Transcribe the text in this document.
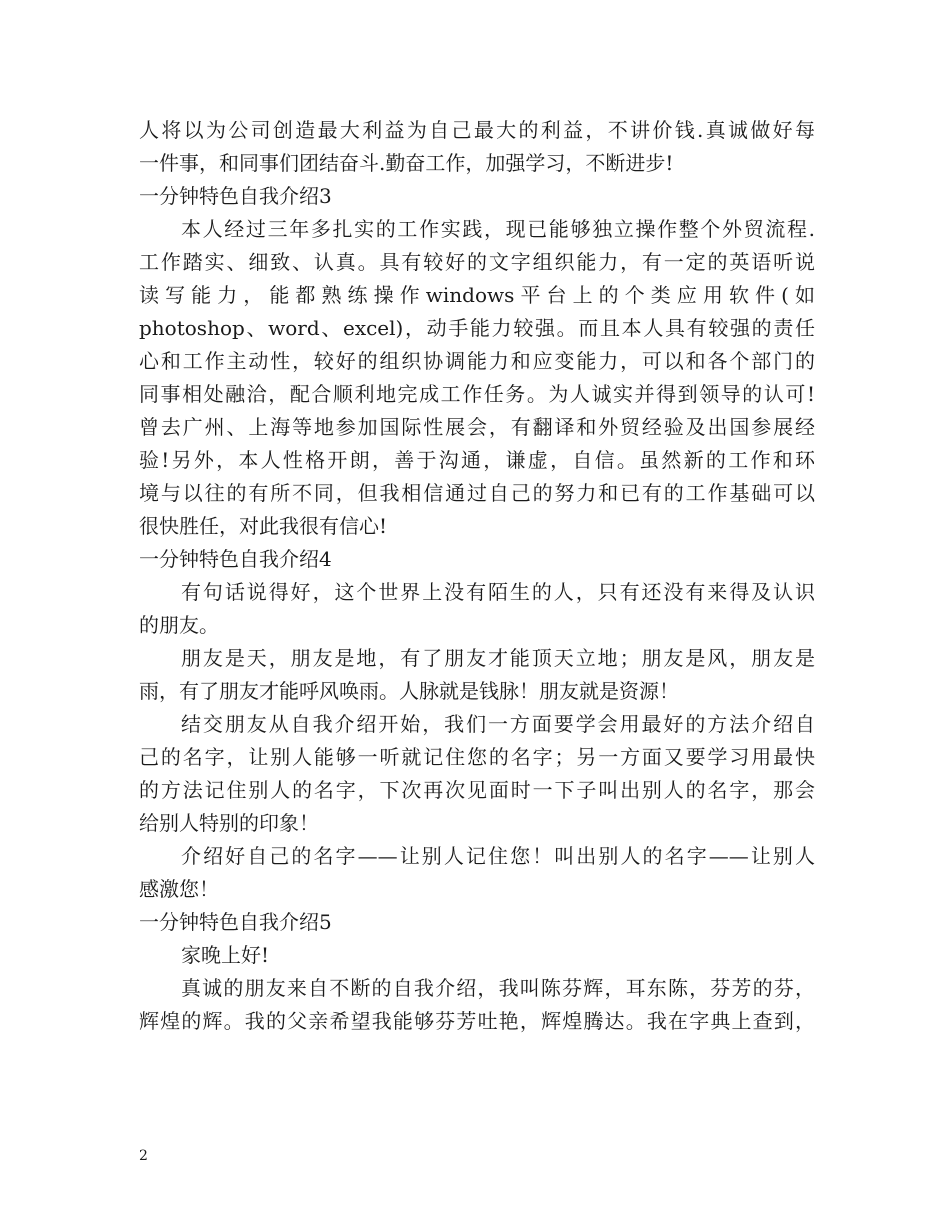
人将以为公司创造最大利益为自己最大的利益，不讲价钱.真诚做好每
一件事，和同事们团结奋斗.勤奋工作，加强学习，不断进步!
一分钟特色自我介绍3
本人经过三年多扎实的工作实践，现已能够独立操作整个外贸流程.
工作踏实、细致、认真。具有较好的文字组织能力，有一定的英语听说
读写能力，能都熟练操作windows平台上的个类应用软件(如
photoshop、word、excel)，动手能力较强。而且本人具有较强的责任
心和工作主动性，较好的组织协调能力和应变能力，可以和各个部门的
同事相处融洽，配合顺利地完成工作任务。为人诚实并得到领导的认可!
曾去广州、上海等地参加国际性展会，有翻译和外贸经验及出国参展经
验!另外，本人性格开朗，善于沟通，谦虚，自信。虽然新的工作和环
境与以往的有所不同，但我相信通过自己的努力和已有的工作基础可以
很快胜任，对此我很有信心!
一分钟特色自我介绍4
有句话说得好，这个世界上没有陌生的人，只有还没有来得及认识
的朋友。
朋友是天，朋友是地，有了朋友才能顶天立地；朋友是风，朋友是
雨，有了朋友才能呼风唤雨。人脉就是钱脉！朋友就是资源！
结交朋友从自我介绍开始，我们一方面要学会用最好的方法介绍自
己的名字，让别人能够一听就记住您的名字；另一方面又要学习用最快
的方法记住别人的名字，下次再次见面时一下子叫出别人的名字，那会
给别人特别的印象！
介绍好自己的名字——让别人记住您！叫出别人的名字——让别人
感激您！
一分钟特色自我介绍5
家晚上好!
真诚的朋友来自不断的自我介绍，我叫陈芬辉，耳东陈，芬芳的芬，
辉煌的辉。我的父亲希望我能够芬芳吐艳，辉煌腾达。我在字典上查到，
2
